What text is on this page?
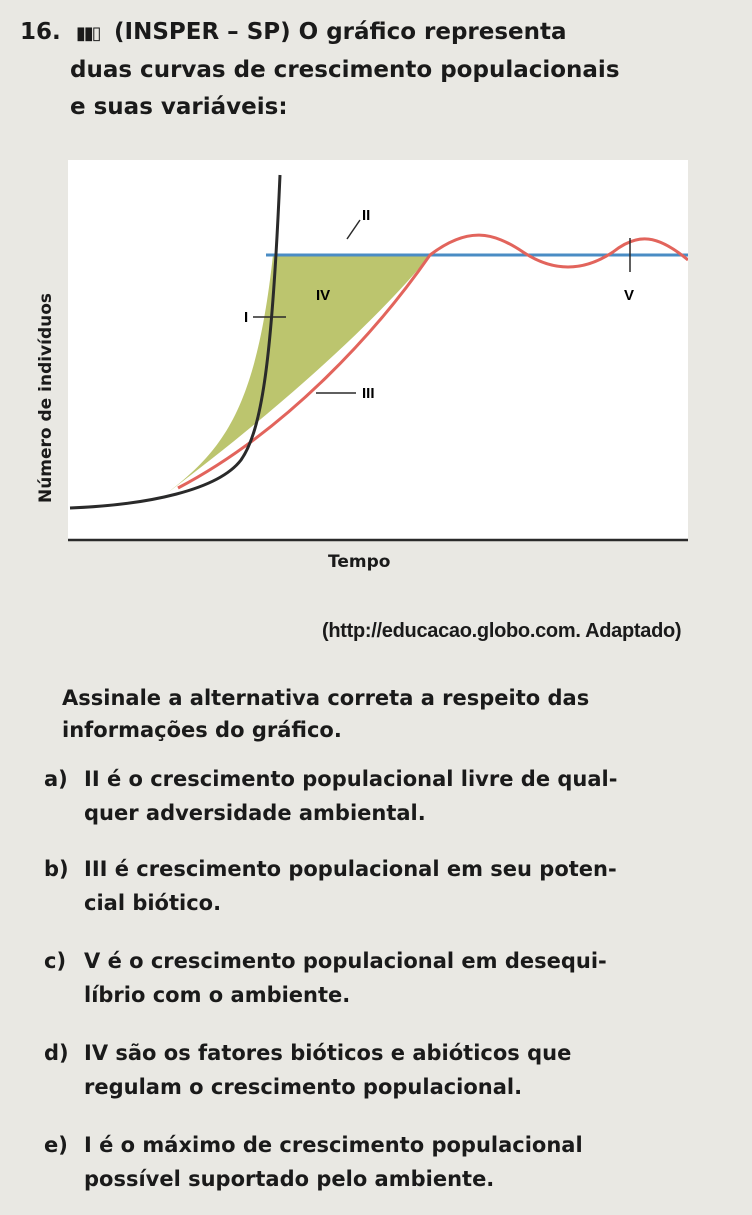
16. ▮▮▯ (INSPER – SP) O gráfico representa
duas curvas de crescimento populacionais
e suas variáveis:
II
IV
I
III
V
Número de indivíduos
Tempo
(http://educacao.globo.com. Adaptado)
Assinale a alternativa correta a respeito das
informações do gráfico.
a) II é o crescimento populacional livre de qual-
quer adversidade ambiental.
b) III é crescimento populacional em seu poten-
cial biótico.
c) V é o crescimento populacional em desequi-
líbrio com o ambiente.
d) IV são os fatores bióticos e abióticos que
regulam o crescimento populacional.
e) I é o máximo de crescimento populacional
possível suportado pelo ambiente.
